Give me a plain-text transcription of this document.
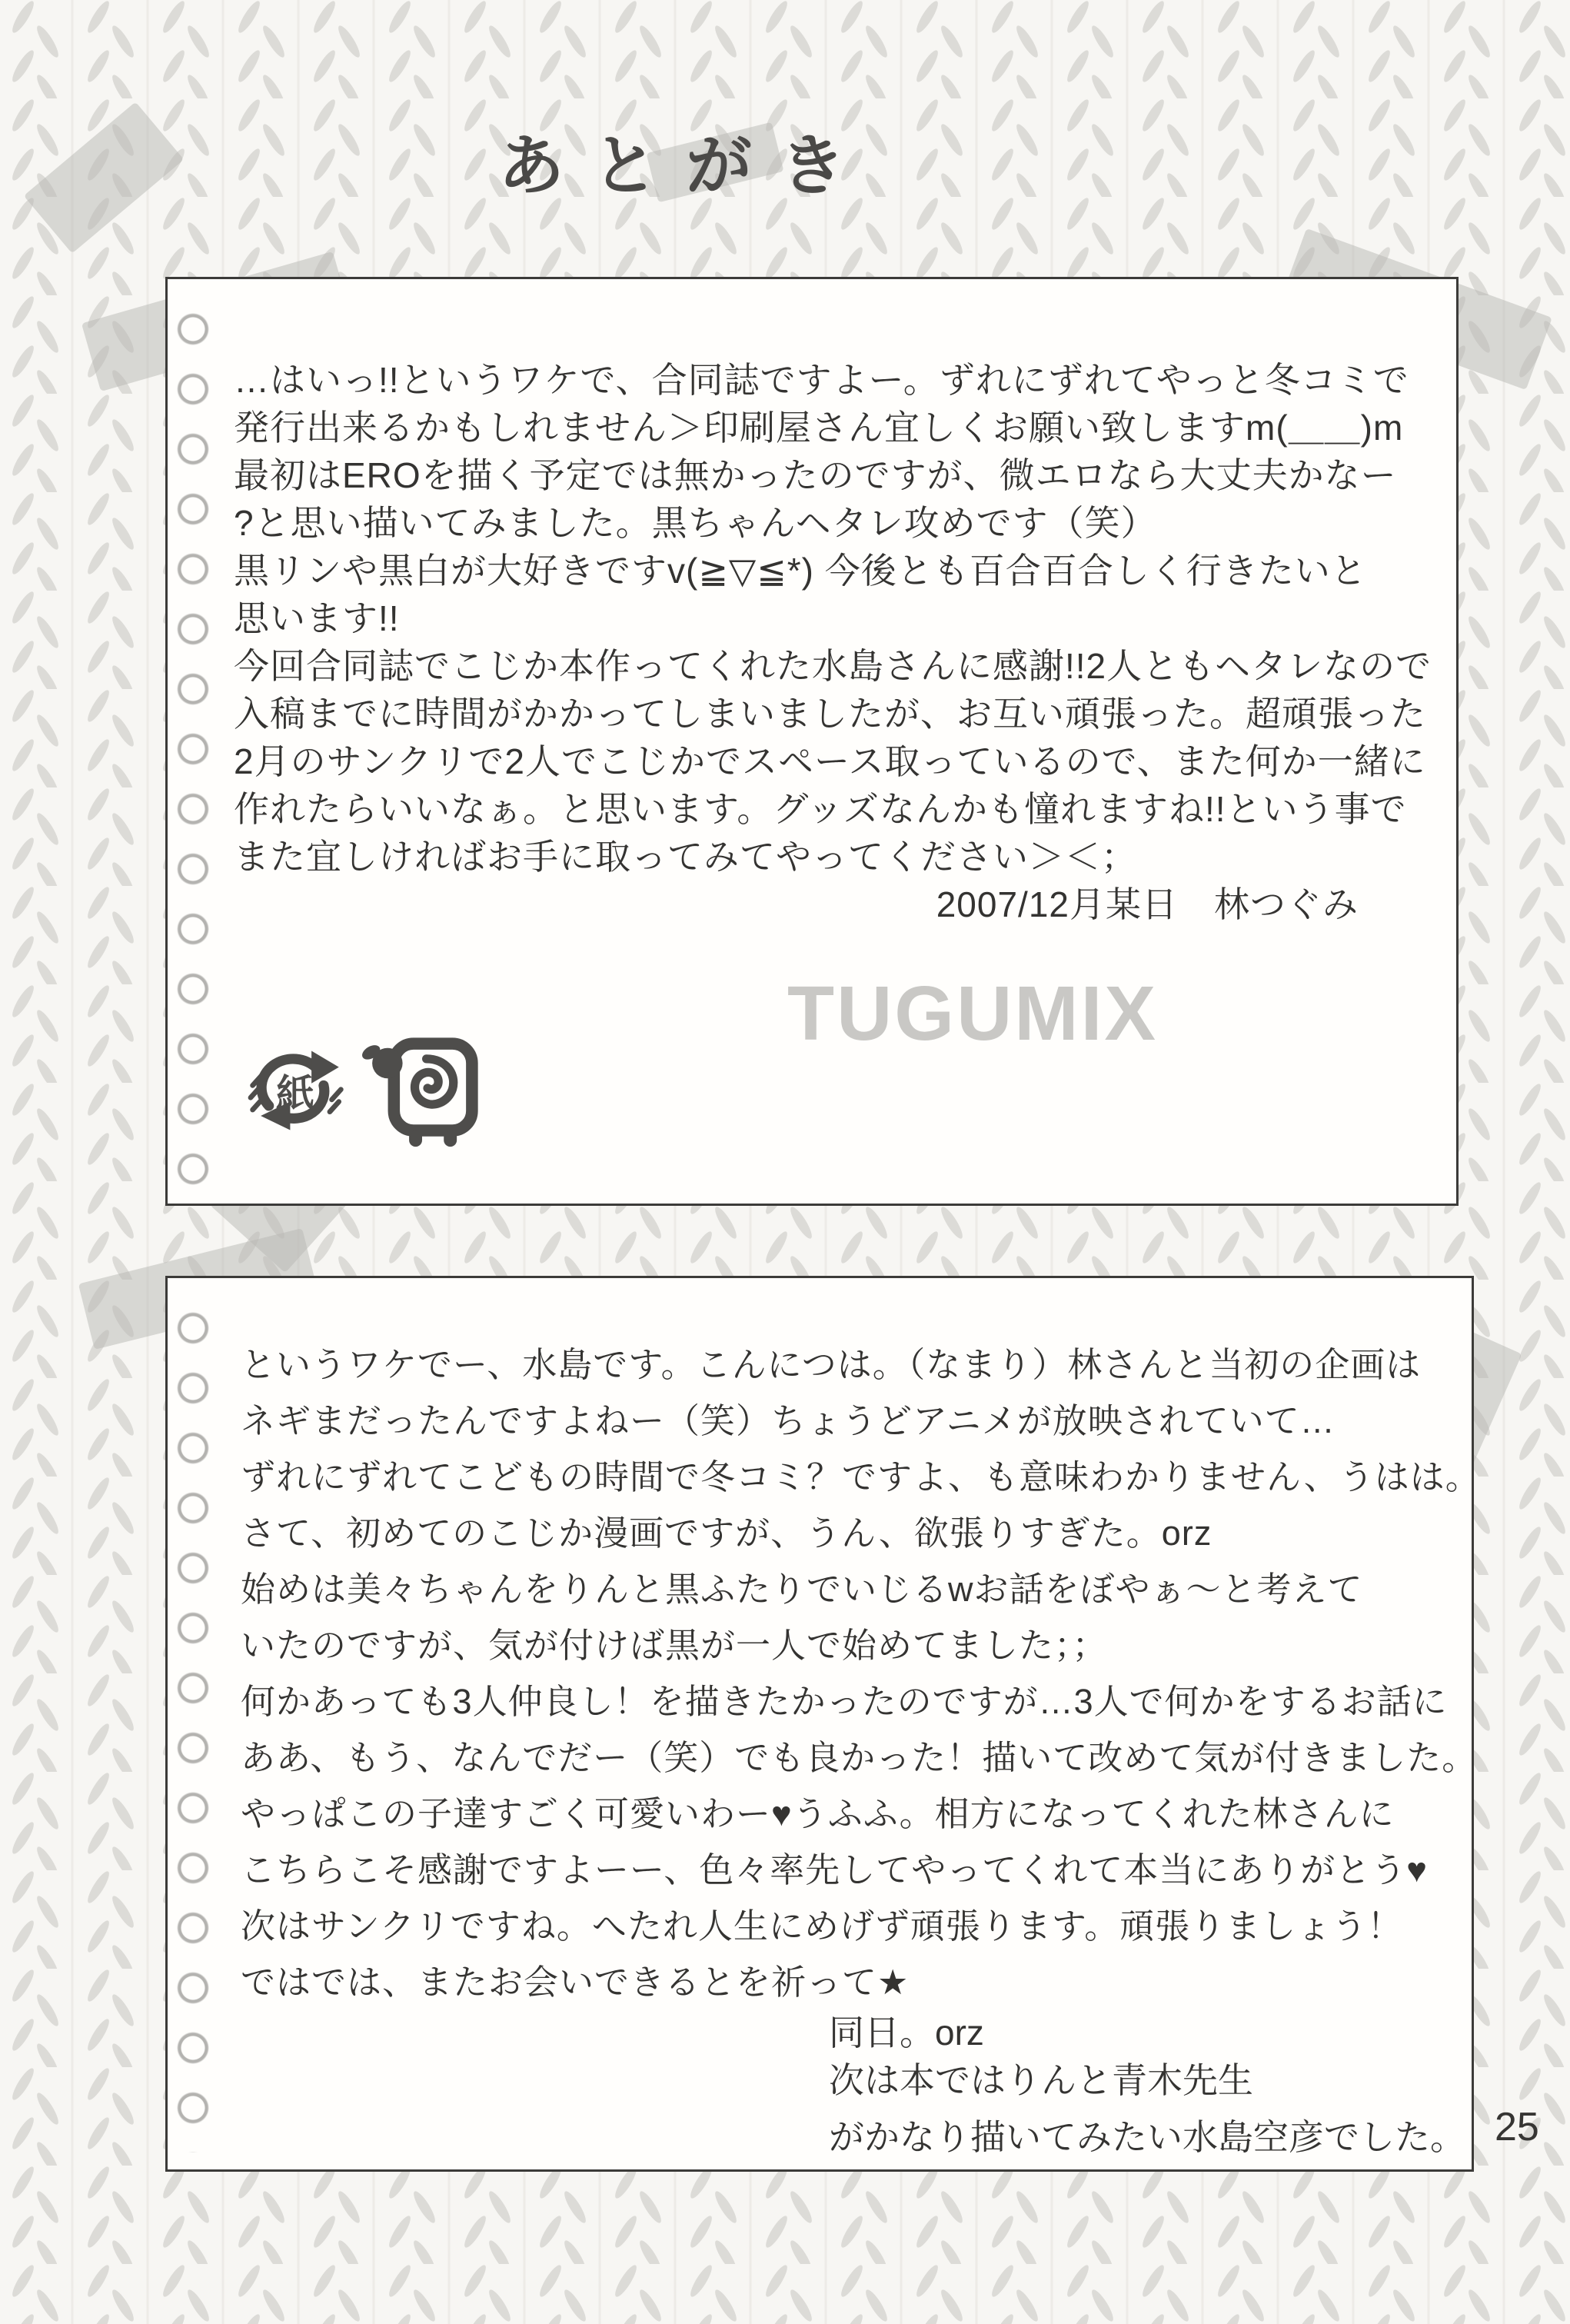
あとがき

…はいっ!!というワケで、合同誌ですよー。ずれにずれてやっと冬コミで

発行出来るかもしれません＞印刷屋さん宜しくお願い致しますm(＿＿)m

最初はEROを描く予定では無かったのですが、微エロなら大丈夫かなー

?と思い描いてみました。黒ちゃんヘタレ攻めです（笑）

黒リンや黒白が大好きですv(≧▽≦*) 今後とも百合百合しく行きたいと

思います!!

今回合同誌でこじか本作ってくれた水島さんに感謝!!2人ともヘタレなので

入稿までに時間がかかってしまいましたが、お互い頑張った。超頑張った

2月のサンクリで2人でこじかでスペース取っているので、また何か一緒に

作れたらいいなぁ。と思います。グッズなんかも憧れますね!!という事で

また宜しければお手に取ってみてやってください＞＜；

2007/12月某日　林つぐみ

TUGUMIX
紙

というワケでー、水島です。こんにつは。（なまり）林さんと当初の企画は

ネギまだったんですよねー（笑）ちょうどアニメが放映されていて…

ずれにずれてこどもの時間で冬コミ？ですよ、も意味わかりません、うはは。

さて、初めてのこじか漫画ですが、うん、欲張りすぎた。orz

始めは美々ちゃんをりんと黒ふたりでいじるwお話をぼやぁ～と考えて

いたのですが、気が付けば黒が一人で始めてました；；

何かあっても3人仲良し！を描きたかったのですが…3人で何かをするお話に

ああ、もう、なんでだー（笑）でも良かった！描いて改めて気が付きました。

やっぱこの子達すごく可愛いわー♥うふふ。相方になってくれた林さんに

こちらこそ感謝ですよーー、色々率先してやってくれて本当にありがとう♥

次はサンクリですね。へたれ人生にめげず頑張ります。頑張りましょう！

ではでは、またお会いできるとを祈って★

同日。orz

次は本ではりんと青木先生

がかなり描いてみたい水島空彦でした。 25
